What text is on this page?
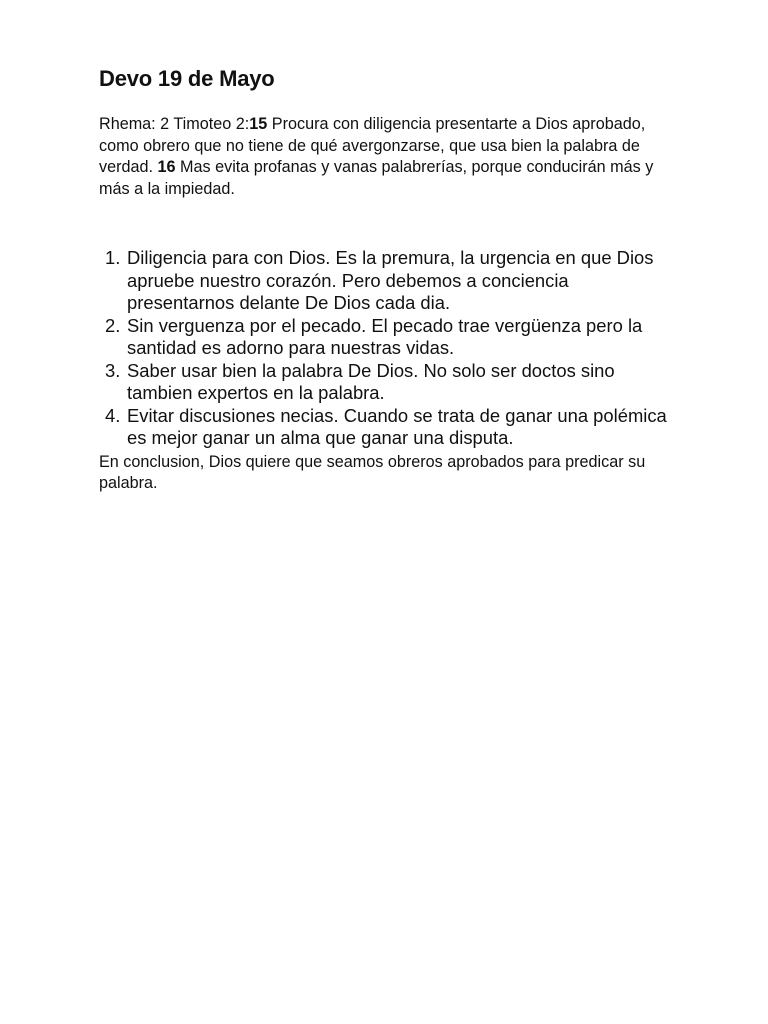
Devo 19 de Mayo

Rhema: 2 Timoteo 2:15 Procura con diligencia presentarte a Dios aprobado, como obrero que no tiene de qué avergonzarse, que usa bien la palabra de verdad. 16 Mas evita profanas y vanas palabrerías, porque conducirán más y más a la impiedad.

1. Diligencia para con Dios. Es la premura, la urgencia en que Dios apruebe nuestro corazón. Pero debemos a conciencia presentarnos delante De Dios cada dia.
2. Sin verguenza por el pecado. El pecado trae vergüenza pero la santidad es adorno para nuestras vidas.
3. Saber usar bien la palabra De Dios. No solo ser doctos sino tambien expertos en la palabra.
4. Evitar discusiones necias. Cuando se trata de ganar una polémica es mejor ganar un alma que ganar una disputa.

En conclusion, Dios quiere que seamos obreros aprobados para predicar su palabra.
